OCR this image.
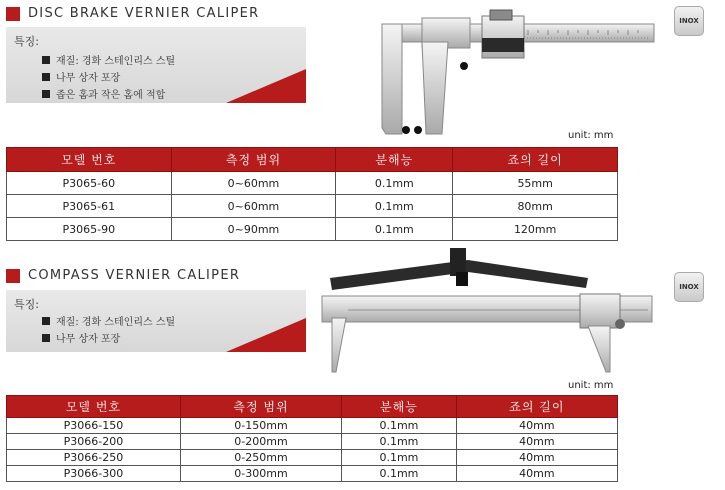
DISC BRAKE VERNIER CALIPER
특징:
재질: 경화 스테인리스 스틸
나무 상자 포장
좁은 홈과 작은 홈에 적합
INOX
unit: mm
모델 번호	측정 범위	분해능	죠의 길이
P3065-60	0~60mm	0.1mm	55mm
P3065-61	0~60mm	0.1mm	80mm
P3065-90	0~90mm	0.1mm	120mm
COMPASS VERNIER CALIPER
특징:
재질: 경화 스테인리스 스틸
나무 상자 포장
INOX
unit: mm
모델 번호	측정 범위	분해능	죠의 길이
P3066-150	0-150mm	0.1mm	40mm
P3066-200	0-200mm	0.1mm	40mm
P3066-250	0-250mm	0.1mm	40mm
P3066-300	0-300mm	0.1mm	40mm
